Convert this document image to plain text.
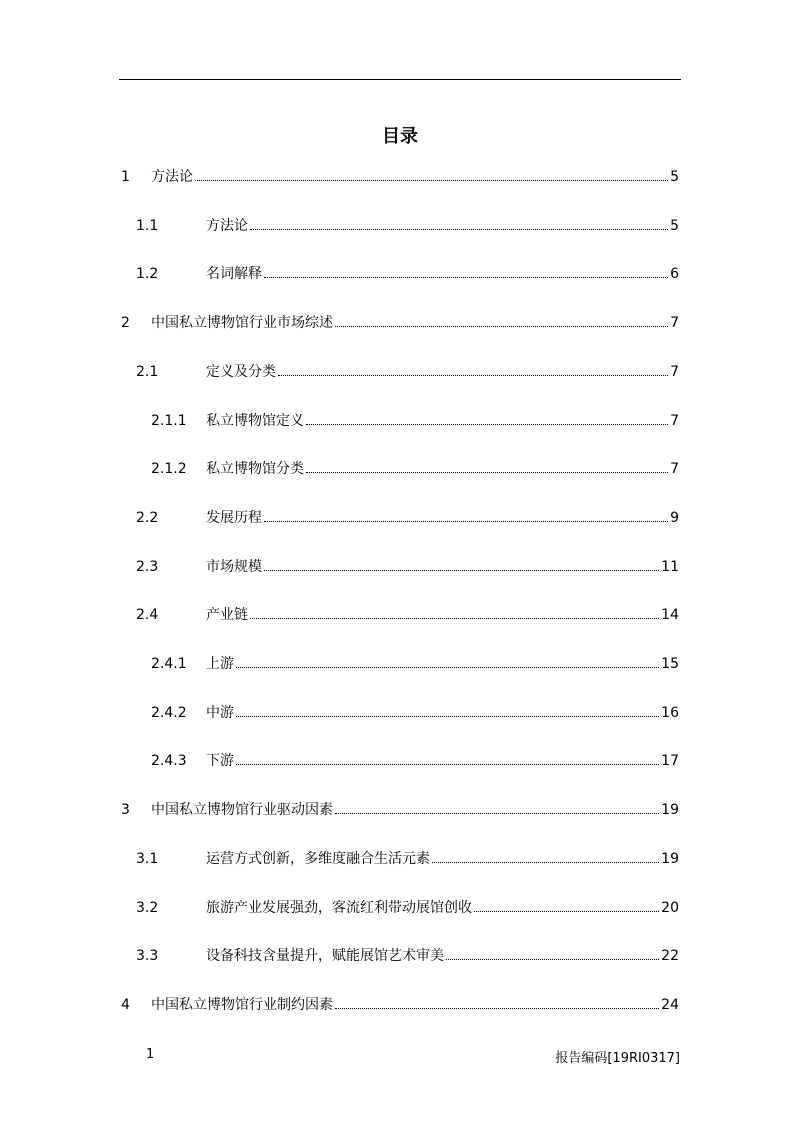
目录
1 方法论	5
1.1	方法论	5
1.2	名词解释	6
2 中国私立博物馆行业市场综述	7
2.1	定义及分类	7
2.1.1 私立博物馆定义	7
2.1.2 私立博物馆分类	7
2.2	发展历程	9
2.3	市场规模	11
2.4	产业链	14
2.4.1 上游	15
2.4.2 中游	16
2.4.3 下游	17
3 中国私立博物馆行业驱动因素	19
3.1	运营方式创新，多维度融合生活元素	19
3.2	旅游产业发展强劲，客流红利带动展馆创收	20
3.3	设备科技含量提升，赋能展馆艺术审美	22
4 中国私立博物馆行业制约因素	24
1	报告编码[19RI0317]
